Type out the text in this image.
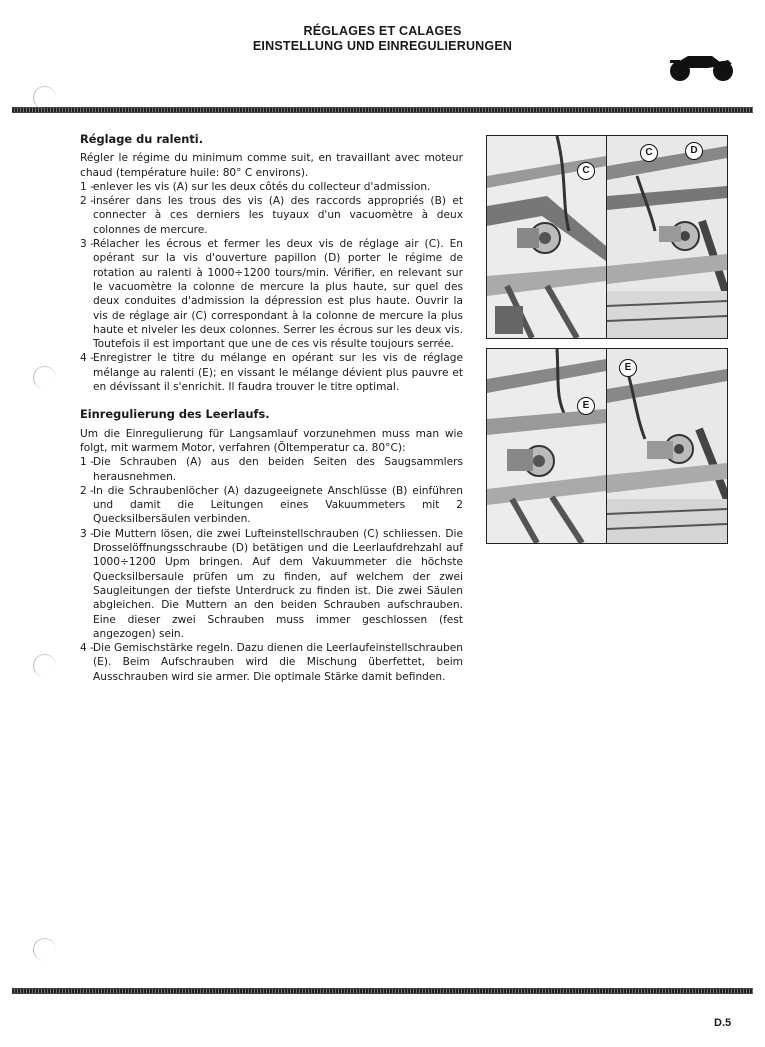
RÉGLAGES ET CALAGES
EINSTELLUNG UND EINREGULIERUNGEN
Réglage du ralenti.

Régler le régime du minimum comme suit, en travaillant avec moteur chaud (température huile: 80° C environs).

1 - enlever les vis (A) sur les deux côtés du collecteur d'admission.
2 - insérer dans les trous des vis (A) des raccords appropriés (B) et connecter à ces derniers les tuyaux d'un vacuomètre à deux colonnes de mercure.
3 - Rélacher les écrous et fermer les deux vis de réglage air (C). En opérant sur la vis d'ouverture papillon (D) porter le régime de rotation au ralenti à 1000÷1200 tours/min. Vérifier, en relevant sur le vacuomètre la colonne de mercure la plus haute, sur quel des deux conduites d'admission la dépression est plus haute. Ouvrir la vis de réglage air (C) correspondant à la colonne de mercure la plus haute et niveler les deux colonnes. Serrer les écrous sur les deux vis. Toutefois il est important que une de ces vis résulte toujours serrée.
4 - Enregistrer le titre du mélange en opérant sur les vis de réglage mélange au ralenti (E); en vissant le mélange dévient plus pauvre et en dévissant il s'enrichit. Il faudra trouver le titre optimal.
Einregulierung des Leerlaufs.

Um die Einregulierung für Langsamlauf vorzunehmen muss man wie folgt, mit warmem Motor, verfahren (Öltemperatur ca. 80°C):

1 - Die Schrauben (A) aus den beiden Seiten des Saugsammlers herausnehmen.
2 - In die Schraubenlöcher (A) dazugeeignete Anschlüsse (B) einführen und damit die Leitungen eines Vakuummeters mit 2 Quecksilbersäulen verbinden.
3 - Die Muttern lösen, die zwei Lufteinstellschrauben (C) schliessen. Die Drosselöffnungsschraube (D) betätigen und die Leerlaufdrehzahl auf 1000÷1200 Upm bringen. Auf dem Vakuummeter die höchste Quecksilbersaule prüfen um zu finden, auf welchem der zwei Saugleitungen der tiefste Unterdruck zu finden ist. Die zwei Säulen abgleichen. Die Muttern an den beiden Schrauben aufschrauben. Eine dieser zwei Schrauben muss immer geschlossen (fest angezogen) sein.
4 - Die Gemischstärke regeln. Dazu dienen die Leerlaufeinstellschrauben (E). Beim Aufschrauben wird die Mischung überfettet, beim Ausschrauben wird sie armer. Die optimale Stärke damit befinden.
C
C	D
E
E
D.5
